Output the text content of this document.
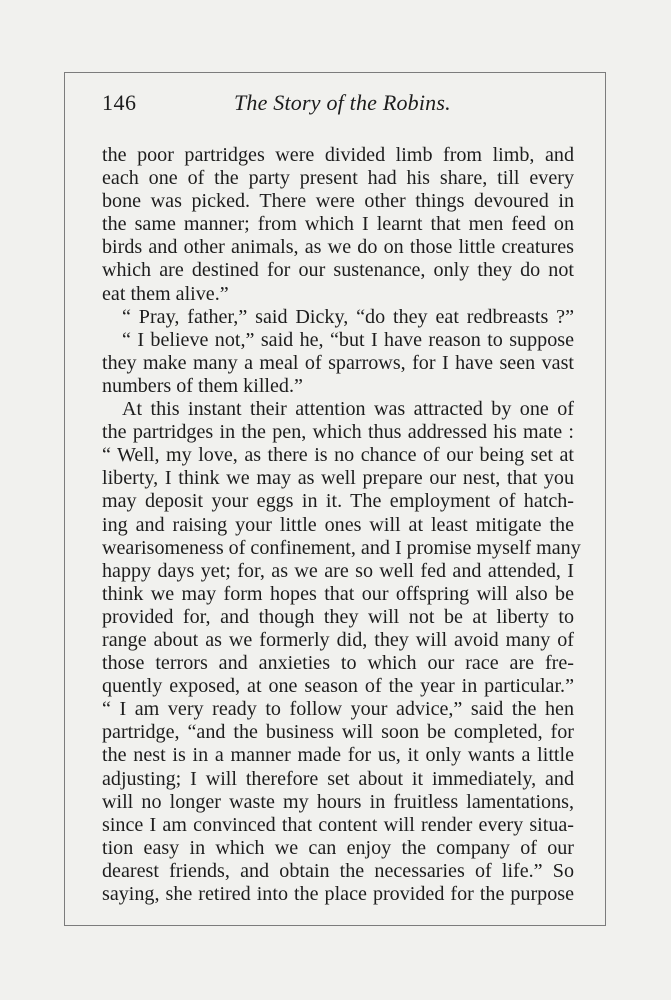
146	The Story of the Robins.
the poor partridges were divided limb from limb, and
each one of the party present had his share, till every
bone was picked. There were other things devoured in
the same manner; from which I learnt that men feed on
birds and other animals, as we do on those little creatures
which are destined for our sustenance, only they do not
eat them alive.”
“ Pray, father,” said Dicky, “do they eat redbreasts ?”
“ I believe not,” said he, “but I have reason to suppose
they make many a meal of sparrows, for I have seen vast
numbers of them killed.”
At this instant their attention was attracted by one of
the partridges in the pen, which thus addressed his mate :
“ Well, my love, as there is no chance of our being set at
liberty, I think we may as well prepare our nest, that you
may deposit your eggs in it. The employment of hatch-
ing and raising your little ones will at least mitigate the
wearisomeness of confinement, and I promise myself many
happy days yet; for, as we are so well fed and attended, I
think we may form hopes that our offspring will also be
provided for, and though they will not be at liberty to
range about as we formerly did, they will avoid many of
those terrors and anxieties to which our race are fre-
quently exposed, at one season of the year in particular.”
“ I am very ready to follow your advice,” said the hen
partridge, “and the business will soon be completed, for
the nest is in a manner made for us, it only wants a little
adjusting; I will therefore set about it immediately, and
will no longer waste my hours in fruitless lamentations,
since I am convinced that content will render every situa-
tion easy in which we can enjoy the company of our
dearest friends, and obtain the necessaries of life.” So
saying, she retired into the place provided for the purpose
